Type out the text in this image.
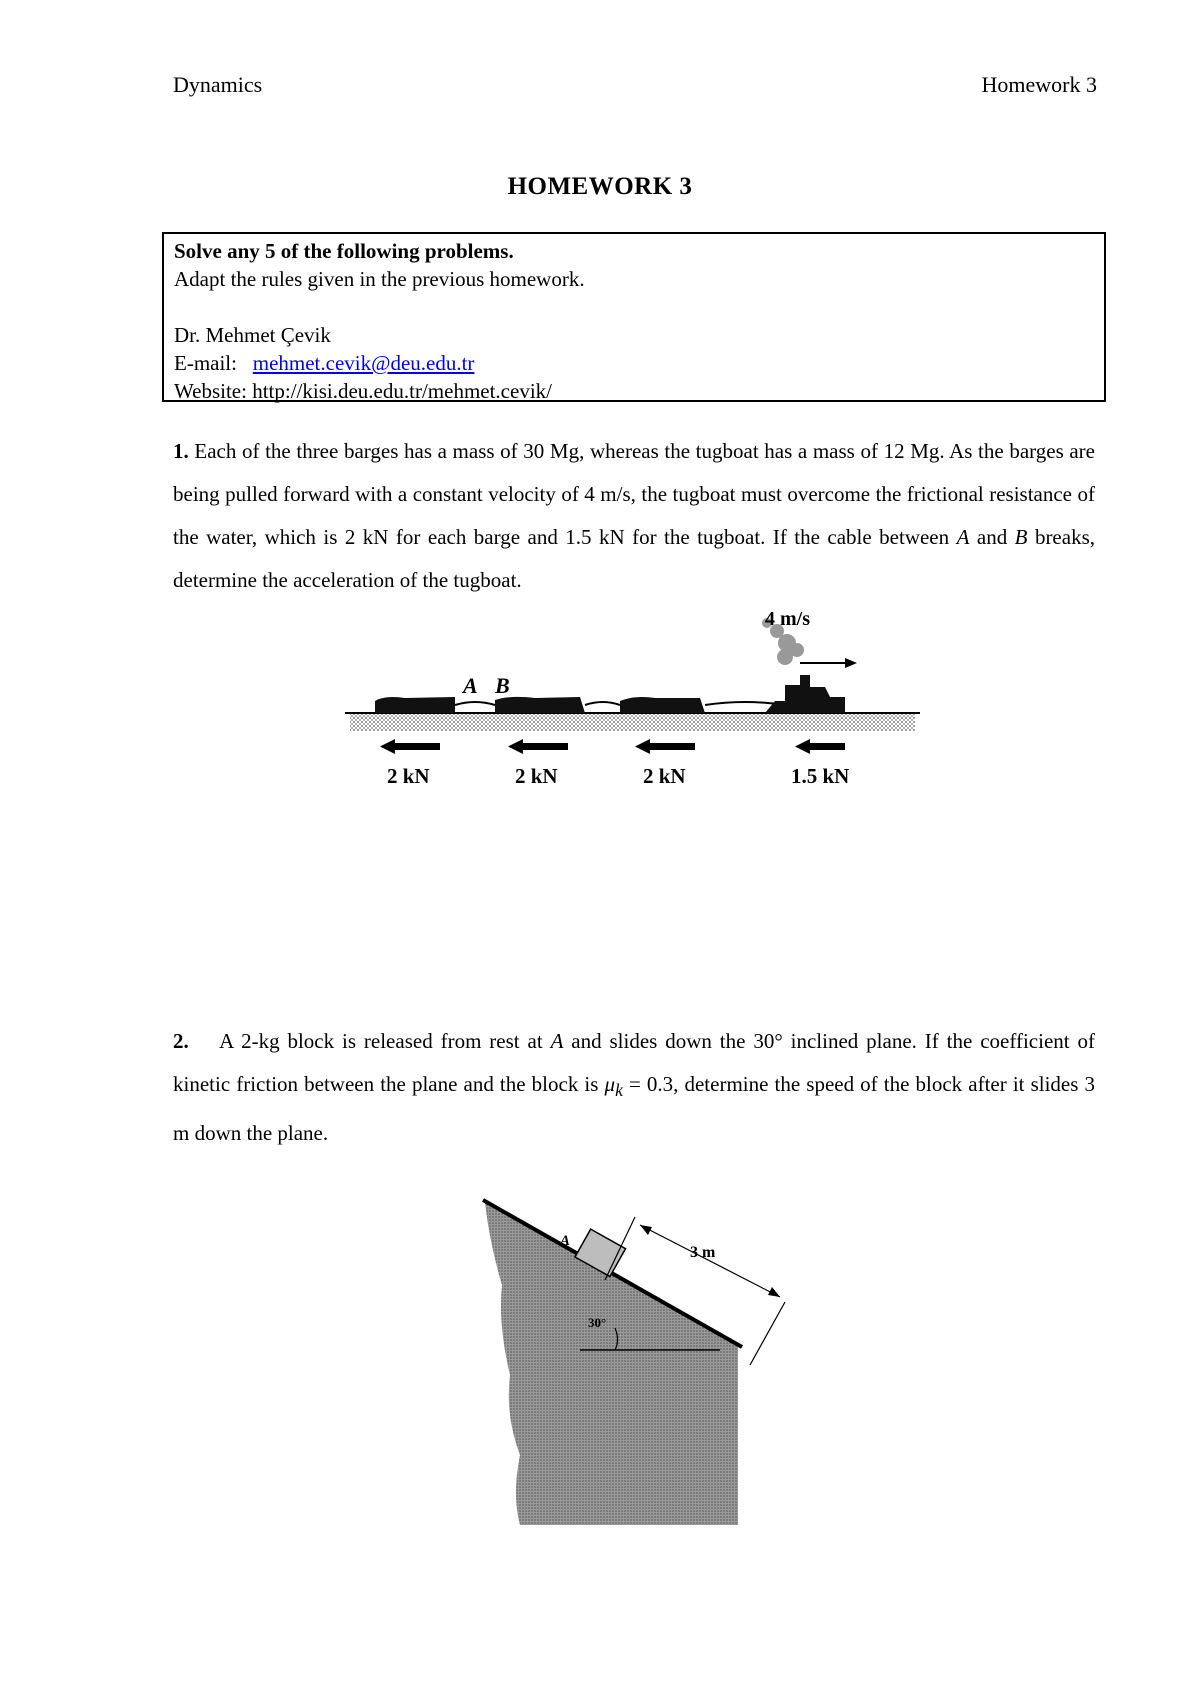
Dynamics	Homework 3
HOMEWORK 3
Solve any 5 of the following problems.
Adapt the rules given in the previous homework.
Dr. Mehmet Çevik
E-mail: mehmet.cevik@deu.edu.tr
Website: http://kisi.deu.edu.tr/mehmet.cevik/
1. Each of the three barges has a mass of 30 Mg, whereas the tugboat has a mass of 12 Mg. As the barges are being pulled forward with a constant velocity of 4 m/s, the tugboat must overcome the frictional resistance of the water, which is 2 kN for each barge and 1.5 kN for the tugboat. If the cable between A and B breaks, determine the acceleration of the tugboat.
4 m/s
A B
2 kN	2 kN	2 kN	1.5 kN
2. A 2-kg block is released from rest at A and slides down the 30° inclined plane. If the coefficient of kinetic friction between the plane and the block is $\mu_k = 0.3$, determine the speed of the block after it slides 3 m down the plane.
A
3 m
30°
